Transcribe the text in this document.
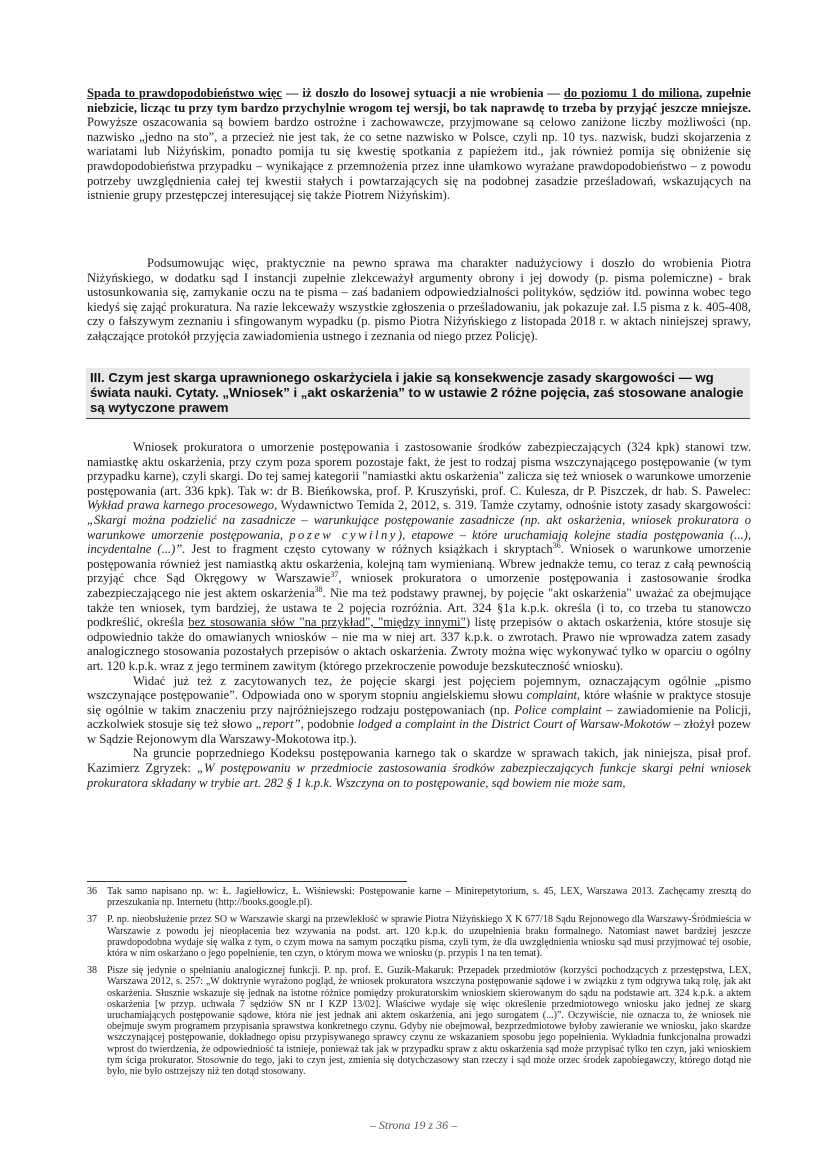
Spada to prawdopodobieństwo więc — iż doszło do losowej sytuacji a nie wrobienia — do poziomu 1 do miliona, zupełnie niebzicie, licząc tu przy tym bardzo przychylnie wrogom tej wersji, bo tak naprawdę to trzeba by przyjąć jeszcze mniejsze. Powyższe oszacowania są bowiem bardzo ostrożne i zachowawcze, przyjmowane są celowo zaniżone liczby możliwości (np. nazwisko „jedno na sto”, a przecież nie jest tak, że co setne nazwisko w Polsce, czyli np. 10 tys. nazwisk, budzi skojarzenia z wariatami lub Niżyńskim, ponadto pomija tu się kwestię spotkania z papieżem itd., jak również pomija się obniżenie się prawdopodobieństwa przypadku – wynikające z przemnożenia przez inne ułamkowo wyrażane prawdopodobieństwo – z powodu potrzeby uwzględnienia całej tej kwestii stałych i powtarzających się na podobnej zasadzie prześladowań, wskazujących na istnienie grupy przestępczej interesującej się także Piotrem Niżyńskim).

Podsumowując więc, praktycznie na pewno sprawa ma charakter nadużyciowy i doszło do wrobienia Piotra Niżyńskiego, w dodatku sąd I instancji zupełnie zlekceważył argumenty obrony i jej dowody (p. pisma polemiczne) - brak ustosunkowania się, zamykanie oczu na te pisma – zaś badaniem odpowiedzialności polityków, sędziów itd. powinna wobec tego kiedyś się zająć prokuratura. Na razie lekceważy wszystkie zgłoszenia o prześladowaniu, jak pokazuje zał. I.5 pisma z k. 405-408, czy o fałszywym zeznaniu i sfingowanym wypadku (p. pismo Piotra Niżyńskiego z listopada 2018 r. w aktach niniejszej sprawy, załączające protokół przyjęcia zawiadomienia ustnego i zeznania od niego przez Policję).

III. Czym jest skarga uprawnionego oskarżyciela i jakie są konsekwencje zasady skargowości — wg świata nauki. Cytaty. „Wniosek” i „akt oskarżenia” to w ustawie 2 różne pojęcia, zaś stosowane analogie są wytyczone prawem

Wniosek prokuratora o umorzenie postępowania i zastosowanie środków zabezpieczających (324 kpk) stanowi tzw. namiastkę aktu oskarżenia, przy czym poza sporem pozostaje fakt, że jest to rodzaj pisma wszczynającego postępowanie (w tym przypadku karne), czyli skargi. Do tej samej kategorii "namiastki aktu oskarżenia" zalicza się też wniosek o warunkowe umorzenie postępowania (art. 336 kpk). Tak w: dr B. Bieńkowska, prof. P. Kruszyński, prof. C. Kulesza, dr P. Piszczek, dr hab. S. Pawelec: Wykład prawa karnego procesowego, Wydawnictwo Temida 2, 2012, s. 319. Tamże czytamy, odnośnie istoty zasady skargowości: „Skargi można podzielić na zasadnicze – warunkujące postępowanie zasadnicze (np. akt oskarżenia, wniosek prokuratora o warunkowe umorzenie postępowania, pozew cywilny), etapowe – które uruchamiają kolejne stadia postępowania (...), incydentalne (...)”. Jest to fragment często cytowany w różnych książkach i skryptach$^{36}$. Wniosek o warunkowe umorzenie postępowania również jest namiastką aktu oskarżenia, kolejną tam wymienianą. Wbrew jednakże temu, co teraz z całą pewnością przyjąć chce Sąd Okręgowy w Warszawie$^{37}$, wniosek prokuratora o umorzenie postępowania i zastosowanie środka zabezpieczającego nie jest aktem oskarżenia$^{38}$. Nie ma też podstawy prawnej, by pojęcie "akt oskarżenia" uważać za obejmujące także ten wniosek, tym bardziej, że ustawa te 2 pojęcia rozróżnia. Art. 324 §1a k.p.k. określa (i to, co trzeba tu stanowczo podkreślić, określa bez stosowania słów "na przykład", "między innymi") listę przepisów o aktach oskarżenia, które stosuje się odpowiednio także do omawianych wniosków – nie ma w niej art. 337 k.p.k. o zwrotach. Prawo nie wprowadza zatem zasady analogicznego stosowania pozostałych przepisów o aktach oskarżenia. Zwroty można więc wykonywać tylko w oparciu o ogólny art. 120 k.p.k. wraz z jego terminem zawitym (którego przekroczenie powoduje bezskuteczność wniosku).

Widać już też z zacytowanych tez, że pojęcie skargi jest pojęciem pojemnym, oznaczającym ogólnie „pismo wszczynające postępowanie”. Odpowiada ono w sporym stopniu angielskiemu słowu complaint, które właśnie w praktyce stosuje się ogólnie w takim znaczeniu przy najróżniejszego rodzaju postępowaniach (np. Police complaint – zawiadomienie na Policji, aczkolwiek stosuje się też słowo „report”, podobnie lodged a complaint in the District Court of Warsaw-Mokotów – złożył pozew w Sądzie Rejonowym dla Warszawy-Mokotowa itp.).

Na gruncie poprzedniego Kodeksu postępowania karnego tak o skardze w sprawach takich, jak niniejsza, pisał prof. Kazimierz Zgryzek: „W postępowaniu w przedmiocie zastosowania środków zabezpieczających funkcje skargi pełni wniosek prokuratora składany w trybie art. 282 § 1 k.p.k. Wszczyna on to postępowanie, sąd bowiem nie może sam,

36	Tak samo napisano np. w: Ł. Jagiełłowicz, Ł. Wiśniewski: Postępowanie karne – Minirepetytorium, s. 45, LEX, Warszawa 2013. Zachęcamy zresztą do przeszukania np. Internetu (http://books.google.pl).
37	P. np. nieobsłużenie przez SO w Warszawie skargi na przewlekłość w sprawie Piotra Niżyńskiego X K 677/18 Sądu Rejonowego dla Warszawy-Śródmieścia w Warszawie z powodu jej nieopłacenia bez wzywania na podst. art. 120 k.p.k. do uzupełnienia braku formalnego. Natomiast nawet bardziej jeszcze prawdopodobna wydaje się walka z tym, o czym mowa na samym początku pisma, czyli tym, że dla uwzględnienia wniosku sąd musi przyjmować tej osobie, która w nim oskarżano o jego popełnienie, ten czyn, o którym mowa we wniosku (p. przypis 1 na ten temat).
38	Pisze się jedynie o spełnianiu analogicznej funkcji. P. np. prof. E. Guzik-Makaruk: Przepadek przedmiotów (korzyści pochodzących z przestępstwa, LEX, Warszawa 2012, s. 257: „W doktrynie wyrażono pogląd, że wniosek prokuratora wszczyna postępowanie sądowe i w związku z tym odgrywa taką rolę, jak akt oskarżenia. Słusznie wskazuje się jednak na istotne różnice pomiędzy prokuratorskim wnioskiem skierowanym do sądu na podstawie art. 324 k.p.k. a aktem oskarżenia [w przyp. uchwała 7 sędziów SN nr I KZP 13/02]. Właściwe wydaje się więc określenie przedmiotowego wniosku jako jednej ze skarg uruchamiających postępowanie sądowe, która nie jest jednak ani aktem oskarżenia, ani jego surogatem (...)”. Oczywiście, nie oznacza to, że wniosek nie obejmuje swym programem przypisania sprawstwa konkretnego czynu. Gdyby nie obejmował, bezprzedmiotowe byłoby zawieranie we wniosku, jako skardze wszczynającej postępowanie, dokładnego opisu przypisywanego sprawcy czynu ze wskazaniem sposobu jego popełnienia. Wykładnia funkcjonalna prowadzi wprost do twierdzenia, że odpowiedniość ta istnieje, ponieważ tak jak w przypadku spraw z aktu oskarżenia sąd może przypisać tylko ten czyn, jaki wnioskiem tym ściga prokurator. Stosownie do tego, jaki to czyn jest, zmienia się dotychczasowy stan rzeczy i sąd może orzec środek zapobiegawczy, którego dotąd nie było, nie było ostrzejszy niż ten dotąd stosowany.
– Strona 19 z 36 –
